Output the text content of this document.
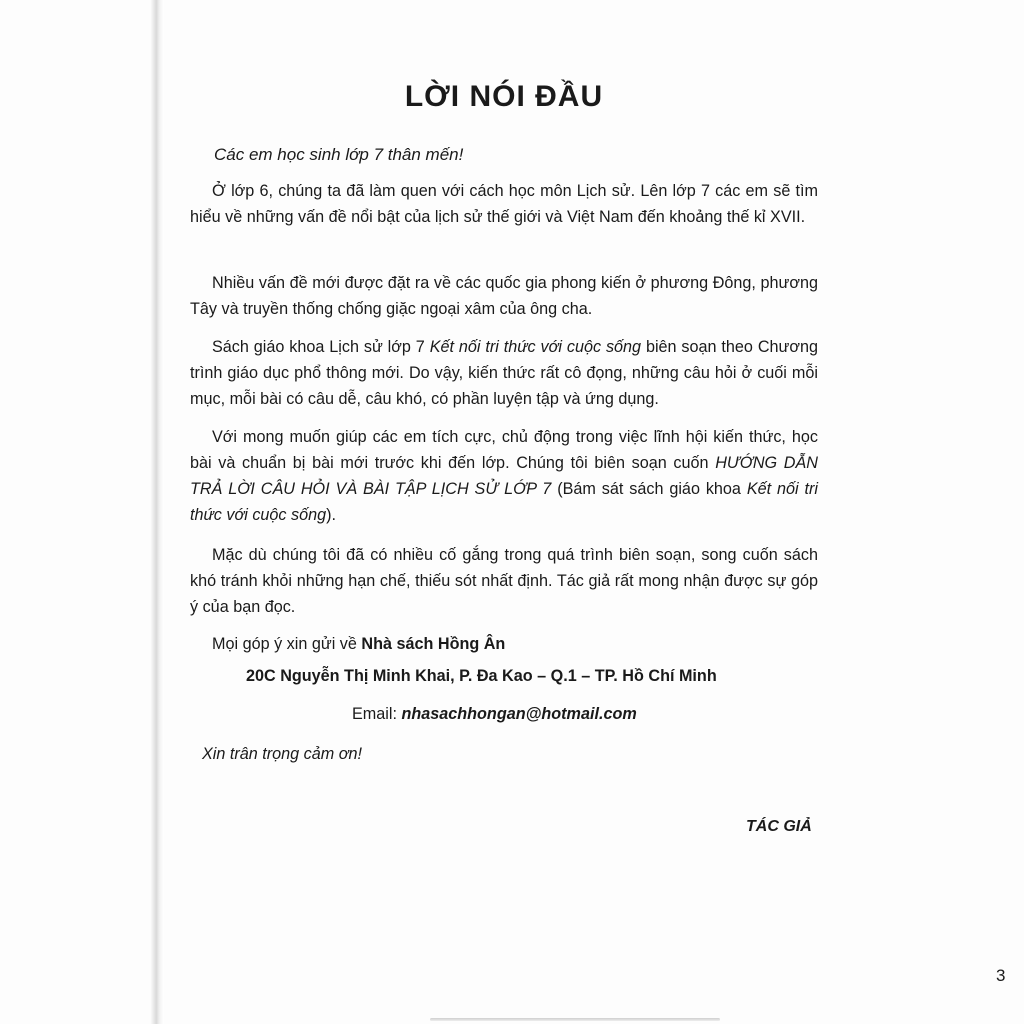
LỜI NÓI ĐẦU

Các em học sinh lớp 7 thân mến!

Ở lớp 6, chúng ta đã làm quen với cách học môn Lịch sử. Lên lớp 7 các em sẽ tìm hiểu về những vấn đề nổi bật của lịch sử thế giới và Việt Nam đến khoảng thế kỉ XVII.

Nhiều vấn đề mới được đặt ra về các quốc gia phong kiến ở phương Đông, phương Tây và truyền thống chống giặc ngoại xâm của ông cha.

Sách giáo khoa Lịch sử lớp 7 Kết nối tri thức với cuộc sống biên soạn theo Chương trình giáo dục phổ thông mới. Do vậy, kiến thức rất cô đọng, những câu hỏi ở cuối mỗi mục, mỗi bài có câu dễ, câu khó, có phần luyện tập và ứng dụng.

Với mong muốn giúp các em tích cực, chủ động trong việc lĩnh hội kiến thức, học bài và chuẩn bị bài mới trước khi đến lớp. Chúng tôi biên soạn cuốn HƯỚNG DẪN TRẢ LỜI CÂU HỎI VÀ BÀI TẬP LỊCH SỬ LỚP 7 (Bám sát sách giáo khoa Kết nối tri thức với cuộc sống).

Mặc dù chúng tôi đã có nhiều cố gắng trong quá trình biên soạn, song cuốn sách khó tránh khỏi những hạn chế, thiếu sót nhất định. Tác giả rất mong nhận được sự góp ý của bạn đọc.

Mọi góp ý xin gửi về Nhà sách Hồng Ân

20C Nguyễn Thị Minh Khai, P. Đa Kao – Q.1 – TP. Hồ Chí Minh

Email: nhasachhongan@hotmail.com

Xin trân trọng cảm ơn!

TÁC GIẢ

3
